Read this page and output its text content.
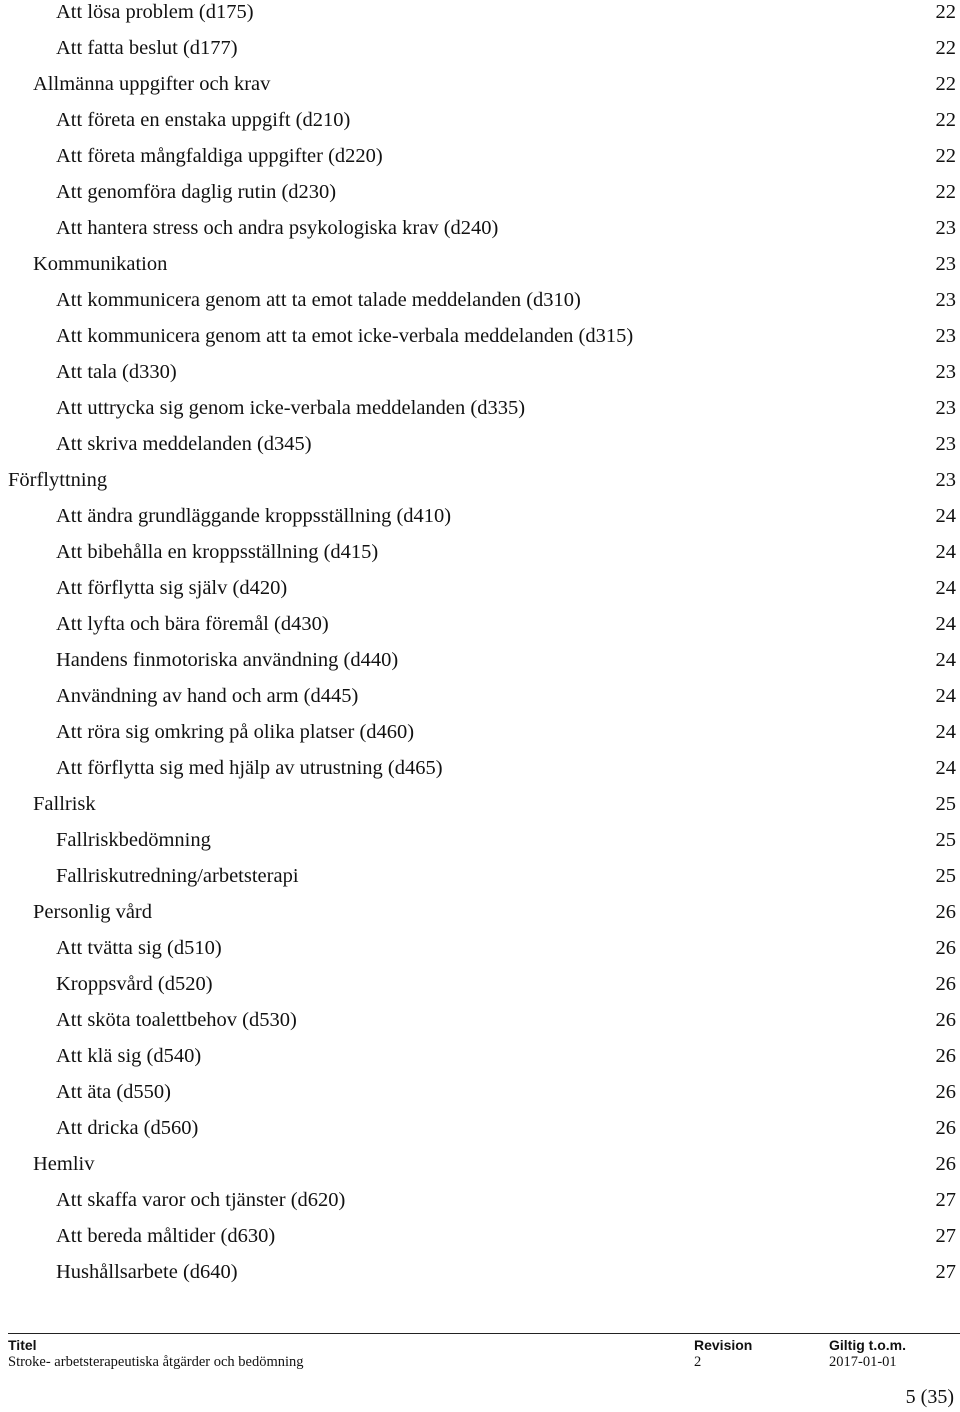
Att lösa problem (d175)	22
Att fatta beslut (d177)	22
Allmänna uppgifter och krav	22
Att företa en enstaka uppgift (d210)	22
Att företa mångfaldiga uppgifter (d220)	22
Att genomföra daglig rutin (d230)	22
Att hantera stress och andra psykologiska krav (d240)	23
Kommunikation	23
Att kommunicera genom att ta emot talade meddelanden (d310)	23
Att kommunicera genom att ta emot icke-verbala meddelanden (d315)	23
Att tala (d330)	23
Att uttrycka sig genom icke-verbala meddelanden (d335)	23
Att skriva meddelanden (d345)	23
Förflyttning	23
Att ändra grundläggande kroppsställning (d410)	24
Att bibehålla en kroppsställning (d415)	24
Att förflytta sig själv (d420)	24
Att lyfta och bära föremål (d430)	24
Handens finmotoriska användning (d440)	24
Användning av hand och arm (d445)	24
Att röra sig omkring på olika platser (d460)	24
Att förflytta sig med hjälp av utrustning (d465)	24
Fallrisk	25
Fallriskbedömning	25
Fallriskutredning/arbetsterapi	25
Personlig vård	26
Att tvätta sig (d510)	26
Kroppsvård (d520)	26
Att sköta toalettbehov (d530)	26
Att klä sig (d540)	26
Att äta (d550)	26
Att dricka (d560)	26
Hemliv	26
Att skaffa varor och tjänster (d620)	27
Att bereda måltider (d630)	27
Hushållsarbete (d640)	27
Titel
Stroke- arbetsterapeutiska åtgärder och bedömning
Revision
2
Giltig t.o.m.
2017-01-01
5 (35)
